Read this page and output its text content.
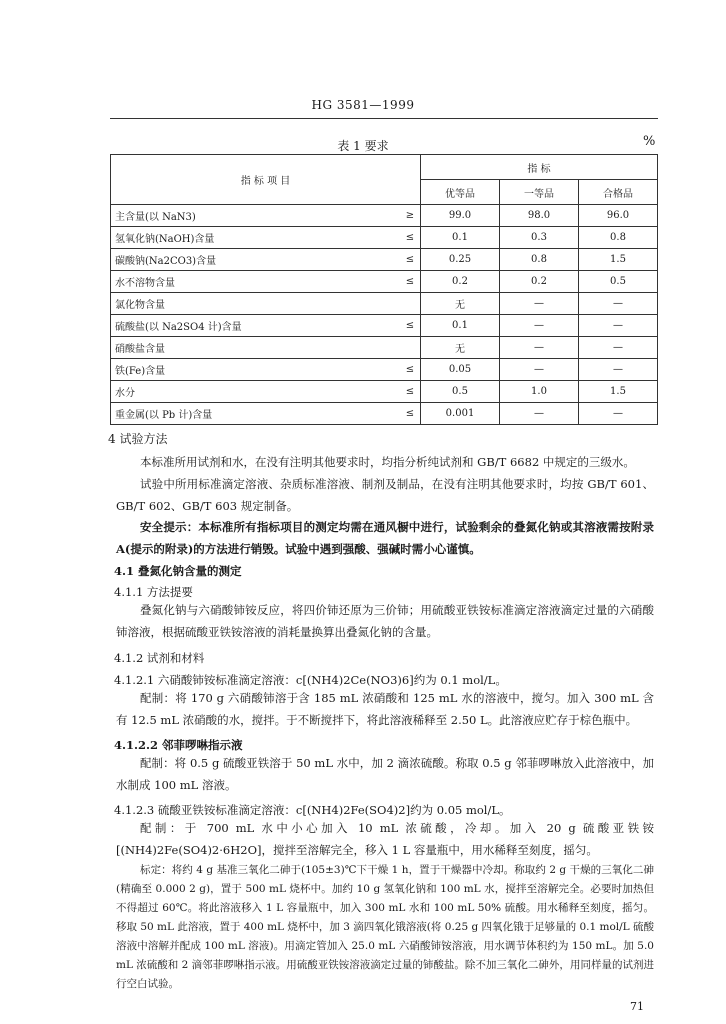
HG 3581—1999
表 1 要求	%
指 标 项 目		指 标		
		优等品	一等品	合格品
主含量(以 NaN3)	≥	99.0	98.0	96.0
氢氧化钠(NaOH)含量	≤	0.1	0.3	0.8
碳酸钠(Na2CO3)含量	≤	0.25	0.8	1.5
水不溶物含量	≤	0.2	0.2	0.5
氯化物含量		无	—	—
硫酸盐(以 Na2SO4 计)含量	≤	0.1	—	—
硝酸盐含量		无	—	—
铁(Fe)含量	≤	0.05	—	—
水分	≤	0.5	1.0	1.5
重金属(以 Pb 计)含量	≤	0.001	—	—
4 试验方法
本标准所用试剂和水，在没有注明其他要求时，均指分析纯试剂和 GB/T 6682 中规定的三级水。
试验中所用标准滴定溶液、杂质标准溶液、制剂及制品，在没有注明其他要求时，均按 GB/T 601、GB/T 602、GB/T 603 规定制备。
安全提示：本标准所有指标项目的测定均需在通风橱中进行，试验剩余的叠氮化钠或其溶液需按附录 A(提示的附录)的方法进行销毁。试验中遇到强酸、强碱时需小心谨慎。
4.1 叠氮化钠含量的测定
4.1.1 方法提要
叠氮化钠与六硝酸铈铵反应，将四价铈还原为三价铈；用硫酸亚铁铵标准滴定溶液滴定过量的六硝酸铈溶液，根据硫酸亚铁铵溶液的消耗量换算出叠氮化钠的含量。
4.1.2 试剂和材料
4.1.2.1 六硝酸铈铵标准滴定溶液：c[(NH4)2Ce(NO3)6]约为 0.1 mol/L。
配制：将 170 g 六硝酸铈溶于含 185 mL 浓硝酸和 125 mL 水的溶液中，搅匀。加入 300 mL 含有 12.5 mL 浓硝酸的水，搅拌。于不断搅拌下，将此溶液稀释至 2.50 L。此溶液应贮存于棕色瓶中。
4.1.2.2 邻菲啰啉指示液
配制：将 0.5 g 硫酸亚铁溶于 50 mL 水中，加 2 滴浓硫酸。称取 0.5 g 邻菲啰啉放入此溶液中，加水制成 100 mL 溶液。
4.1.2.3 硫酸亚铁铵标准滴定溶液：c[(NH4)2Fe(SO4)2]约为 0.05 mol/L。
配制：于 700 mL 水中小心加入 10 mL 浓硫酸，冷却。加入 20 g 硫酸亚铁铵[(NH4)2Fe(SO4)2·6H2O]，搅拌至溶解完全，移入 1 L 容量瓶中，用水稀释至刻度，摇匀。
标定：将约 4 g 基准三氧化二砷于(105±3)℃下干燥 1 h，置于干燥器中冷却。称取约 2 g 干燥的三氧化二砷(精确至 0.000 2 g)，置于 500 mL 烧杯中。加约 10 g 氢氧化钠和 100 mL 水，搅拌至溶解完全。必要时加热但不得超过 60℃。将此溶液移入 1 L 容量瓶中，加入 300 mL 水和 100 mL 50% 硫酸。用水稀释至刻度，摇匀。移取 50 mL 此溶液，置于 400 mL 烧杯中，加 3 滴四氧化锇溶液(将 0.25 g 四氧化锇于足够量的 0.1 mol/L 硫酸溶液中溶解并配成 100 mL 溶液)。用滴定管加入 25.0 mL 六硝酸铈铵溶液，用水调节体积约为 150 mL。加 5.0 mL 浓硫酸和 2 滴邻菲啰啉指示液。用硫酸亚铁铵溶液滴定过量的铈酸盐。除不加三氧化二砷外，用同样量的试剂进行空白试验。
71
